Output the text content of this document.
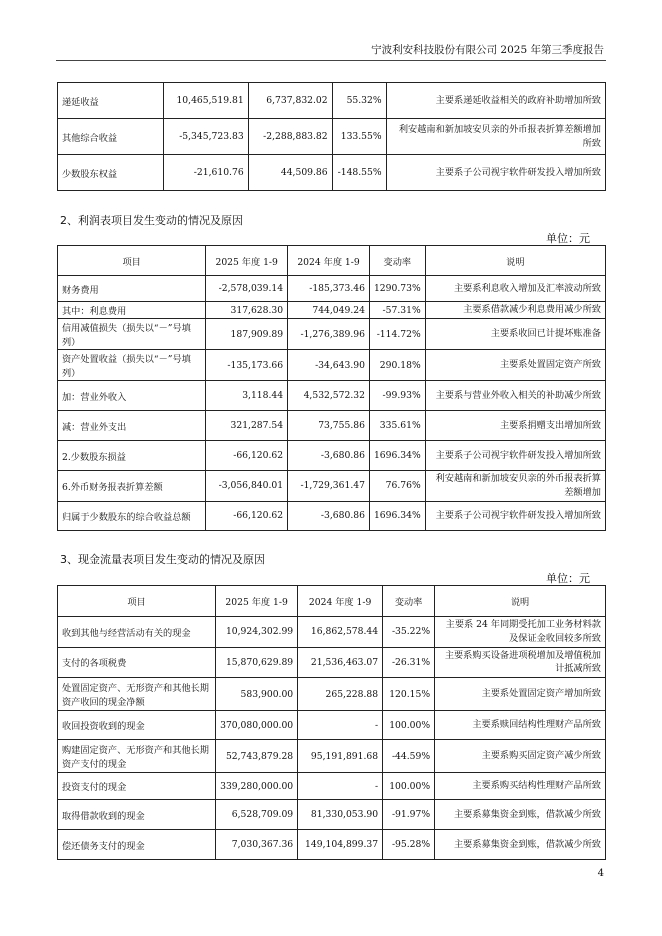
宁波利安科技股份有限公司 2025 年第三季度报告
递延收益	10,465,519.81	6,737,832.02	55.32%	主要系递延收益相关的政府补助增加所致
其他综合收益	-5,345,723.83	-2,288,883.82	133.55%	利安越南和新加坡安贝亲的外币报表折算差额增加所致
少数股东权益	-21,610.76	44,509.86	-148.55%	主要系子公司视宇软件研发投入增加所致
2、利润表项目发生变动的情况及原因
单位：元
项目	2025 年度 1-9	2024 年度 1-9	变动率	说明
财务费用	-2,578,039.14	-185,373.46	1290.73%	主要系利息收入增加及汇率波动所致
其中：利息费用	317,628.30	744,049.24	-57.31%	主要系借款减少利息费用减少所致
信用减值损失（损失以“－”号填列）	187,909.89	-1,276,389.96	-114.72%	主要系收回已计提坏账准备
资产处置收益（损失以“－”号填列）	-135,173.66	-34,643.90	290.18%	主要系处置固定资产所致
加：营业外收入	3,118.44	4,532,572.32	-99.93%	主要系与营业外收入相关的补助减少所致
减：营业外支出	321,287.54	73,755.86	335.61%	主要系捐赠支出增加所致
2.少数股东损益	-66,120.62	-3,680.86	1696.34%	主要系子公司视宇软件研发投入增加所致
6.外币财务报表折算差额	-3,056,840.01	-1,729,361.47	76.76%	利安越南和新加坡安贝亲的外币报表折算差额增加
归属于少数股东的综合收益总额	-66,120.62	-3,680.86	1696.34%	主要系子公司视宇软件研发投入增加所致
3、现金流量表项目发生变动的情况及原因
单位：元
项目	2025 年度 1-9	2024 年度 1-9	变动率	说明
收到其他与经营活动有关的现金	10,924,302.99	16,862,578.44	-35.22%	主要系 24 年同期受托加工业务材料款及保证金收回较多所致
支付的各项税费	15,870,629.89	21,536,463.07	-26.31%	主要系购买设备进项税增加及增值税加计抵减所致
处置固定资产、无形资产和其他长期资产收回的现金净额	583,900.00	265,228.88	120.15%	主要系处置固定资产增加所致
收回投资收到的现金	370,080,000.00	-	100.00%	主要系赎回结构性理财产品所致
购建固定资产、无形资产和其他长期资产支付的现金	52,743,879.28	95,191,891.68	-44.59%	主要系购买固定资产减少所致
投资支付的现金	339,280,000.00	-	100.00%	主要系购买结构性理财产品所致
取得借款收到的现金	6,528,709.09	81,330,053.90	-91.97%	主要系募集资金到账，借款减少所致
偿还债务支付的现金	7,030,367.36	149,104,899.37	-95.28%	主要系募集资金到账，借款减少所致
4
